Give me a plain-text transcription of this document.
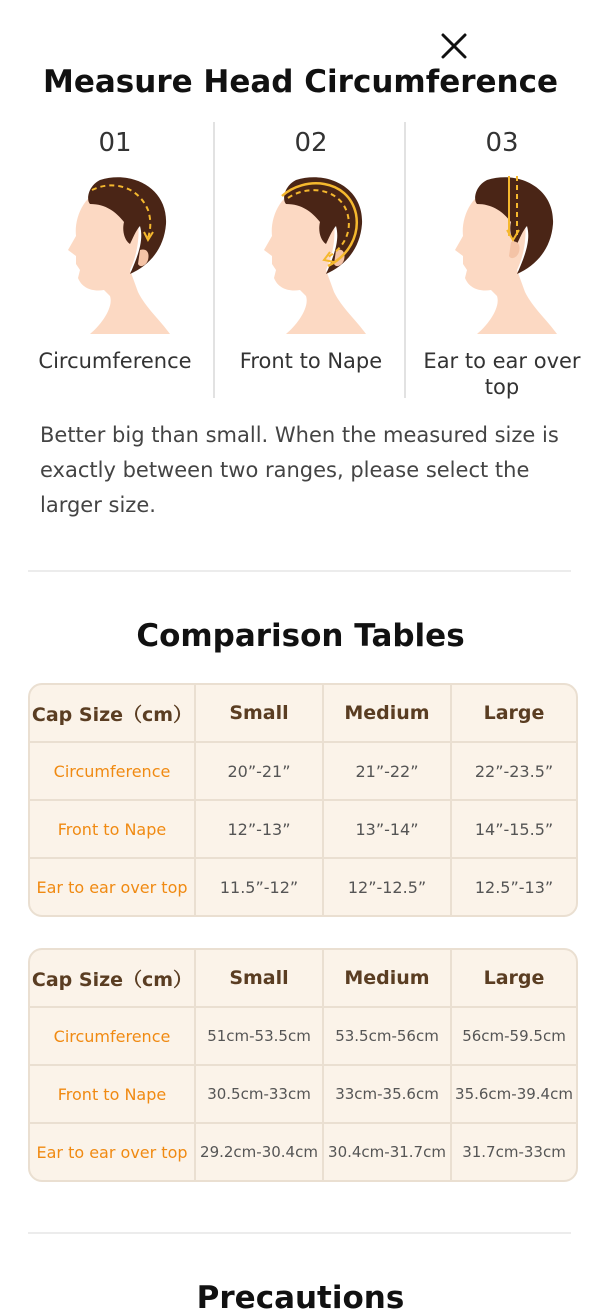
Measure Head Circumference
01
Circumference
02
Front to Nape
03
Ear to ear over top
Better big than small. When the measured size is exactly between two ranges, please select the larger size.
Comparison Tables
Cap Size（cm）	Small	Medium	Large
Circumference	20”-21”	21”-22”	22”-23.5”
Front to Nape	12”-13”	13”-14”	14”-15.5”
Ear to ear over top	11.5”-12”	12”-12.5”	12.5”-13”
Cap Size（cm）	Small	Medium	Large
Circumference	51cm-53.5cm	53.5cm-56cm	56cm-59.5cm
Front to Nape	30.5cm-33cm	33cm-35.6cm	35.6cm-39.4cm
Ear to ear over top	29.2cm-30.4cm	30.4cm-31.7cm	31.7cm-33cm
Precautions
